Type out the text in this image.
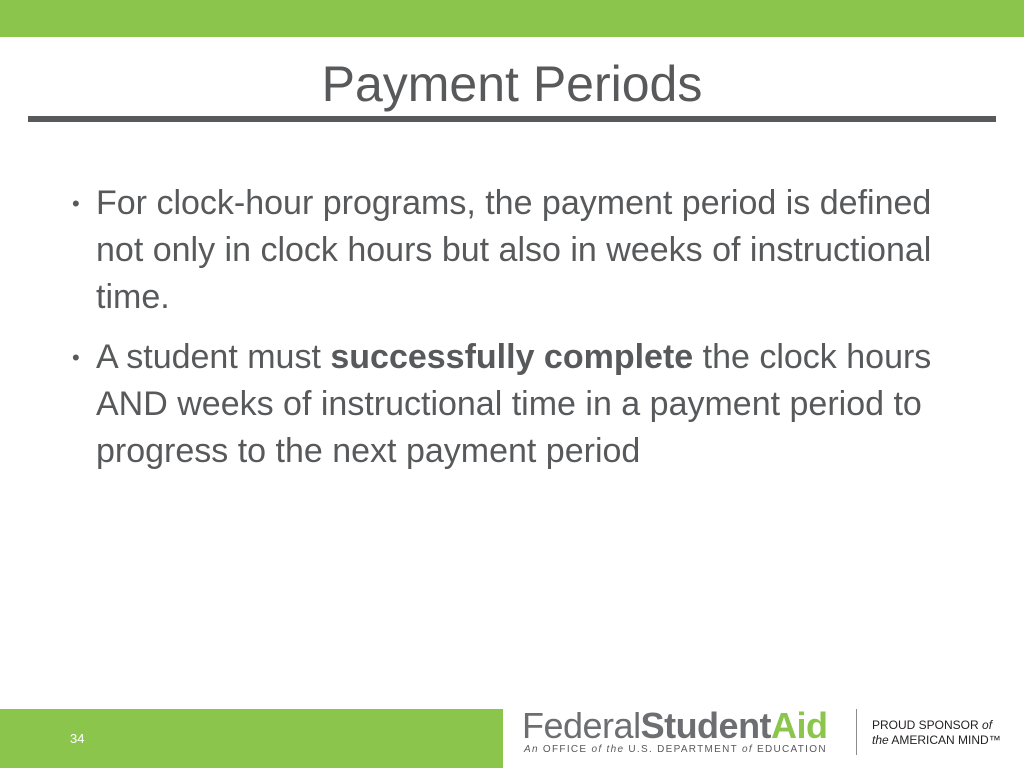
Payment Periods
• For clock-hour programs, the payment period is defined not only in clock hours but also in weeks of instructional time.
• A student must successfully complete the clock hours AND weeks of instructional time in a payment period to progress to the next payment period
34	FederalStudentAid
An OFFICE of the U.S. DEPARTMENT of EDUCATION
PROUD SPONSOR of
the AMERICAN MIND™
